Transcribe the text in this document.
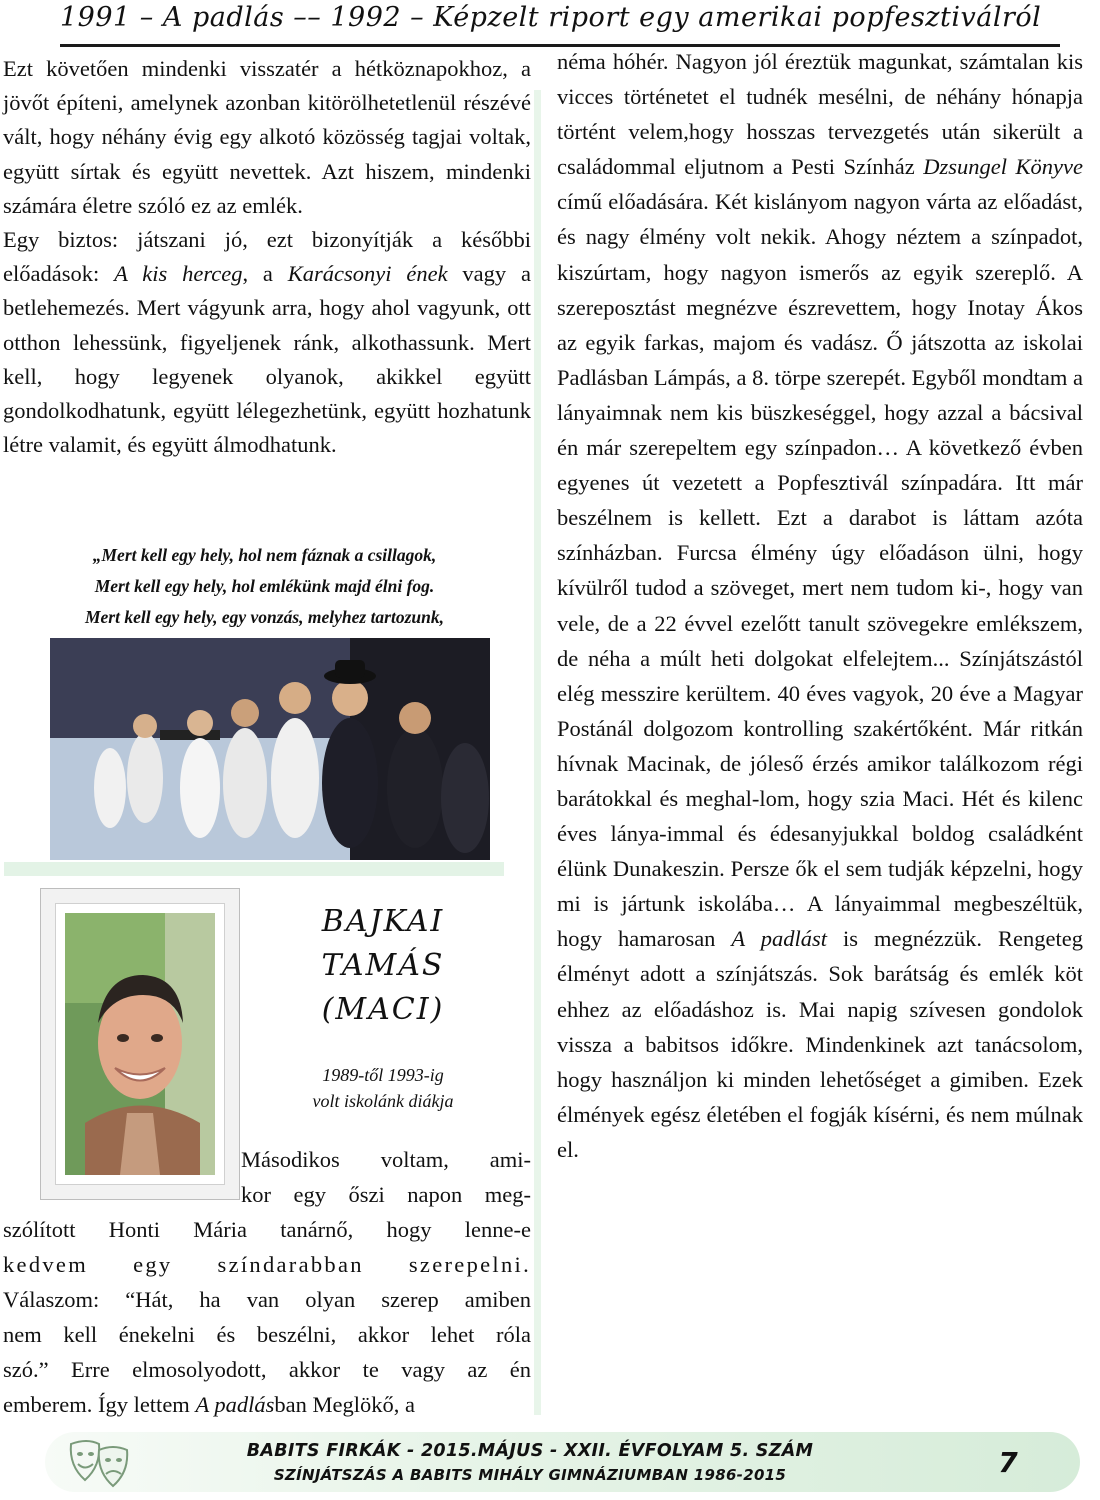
1991 – A padlás –– 1992 – Képzelt riport egy amerikai popfesztiválról

Ezt követően mindenki visszatér a hétköznapokhoz, a jövőt építeni, amelynek azonban kitörölhetetlenül részévé vált, hogy néhány évig egy alkotó közösség tagjai voltak, együtt sírtak és együtt nevettek. Azt hiszem, mindenki számára életre szóló ez az emlék.

Egy biztos: játszani jó, ezt bizonyítják a későbbi előadások: A kis herceg, a Karácsonyi ének vagy a betlehemezés. Mert vágyunk arra, hogy ahol vagyunk, ott otthon lehessünk, figyeljenek ránk, alkothassunk. Mert kell, hogy legyenek olyanok, akikkel együtt gondolkodhatunk, együtt lélegezhetünk, együtt hozhatunk létre valamit, és együtt álmodhatunk.

„Mert kell egy hely, hol nem fáznak a csillagok,
Mert kell egy hely, hol emlékünk majd élni fog.
Mert kell egy hely, egy vonzás, melyhez tartozunk,
BAJKAI
TAMÁS
(MACI)
1989-től 1993-ig
volt iskolánk diákja
Másodikos voltam, ami-
kor egy őszi napon meg-
szólított Honti Mária tanárnő, hogy lenne-e
kedvem egy színdarabban szerepelni.
Válaszom: “Hát, ha van olyan szerep amiben
nem kell énekelni és beszélni, akkor lehet róla
szó.” Erre elmosolyodott, akkor te vagy az én
emberem. Így lettem A padlásban Meglökő, a

néma hóhér. Nagyon jól éreztük magunkat, számtalan kis vicces történetet el tudnék mesélni, de néhány hónapja történt velem,hogy hosszas tervezgetés után sikerült a családommal eljutnom a Pesti Színház Dzsungel Könyve című előadására. Két kislányom nagyon várta az előadást, és nagy élmény volt nekik. Ahogy néztem a színpadot, kiszúrtam, hogy nagyon ismerős az egyik szereplő. A szereposztást megnézve észrevettem, hogy Inotay Ákos az egyik farkas, majom és vadász. Ő játszotta az iskolai Padlásban Lámpás, a 8. törpe szerepét. Egyből mondtam a lányaimnak nem kis büszkeséggel, hogy azzal a bácsival én már szerepeltem egy színpadon… A következő évben egyenes út vezetett a Popfesztivál színpadára. Itt már beszélnem is kellett. Ezt a darabot is láttam azóta színházban. Furcsa élmény úgy előadáson ülni, hogy kívülről tudod a szöveget, mert nem tudom ki-, hogy van vele, de a 22 évvel ezelőtt tanult szövegekre emlékszem, de néha a múlt heti dolgokat elfelejtem... Színjátszástól elég messzire kerültem. 40 éves vagyok, 20 éve a Magyar Postánál dolgozom kontrolling szakértőként. Már ritkán hívnak Macinak, de jóleső érzés amikor találkozom régi barátokkal és meghal-lom, hogy szia Maci. Hét és kilenc éves lánya-immal és édesanyjukkal boldog családként élünk Dunakeszin. Persze ők el sem tudják képzelni, hogy mi is jártunk iskolába… A lányaimmal megbeszéltük, hogy hamarosan A padlást is megnézzük. Rengeteg élményt adott a színjátszás. Sok barátság és emlék köt ehhez az előadáshoz is. Mai napig szívesen gondolok vissza a babitsos időkre. Mindenkinek azt tanácsolom, hogy használjon ki minden lehetőséget a gimiben. Ezek élmények egész életében el fogják kísérni, és nem múlnak el.

BABITS FIRKÁK - 2015.MÁJUS - XXII. ÉVFOLYAM 5. SZÁM
SZÍNJÁTSZÁS A BABITS MIHÁLY GIMNÁZIUMBAN 1986-2015	7
